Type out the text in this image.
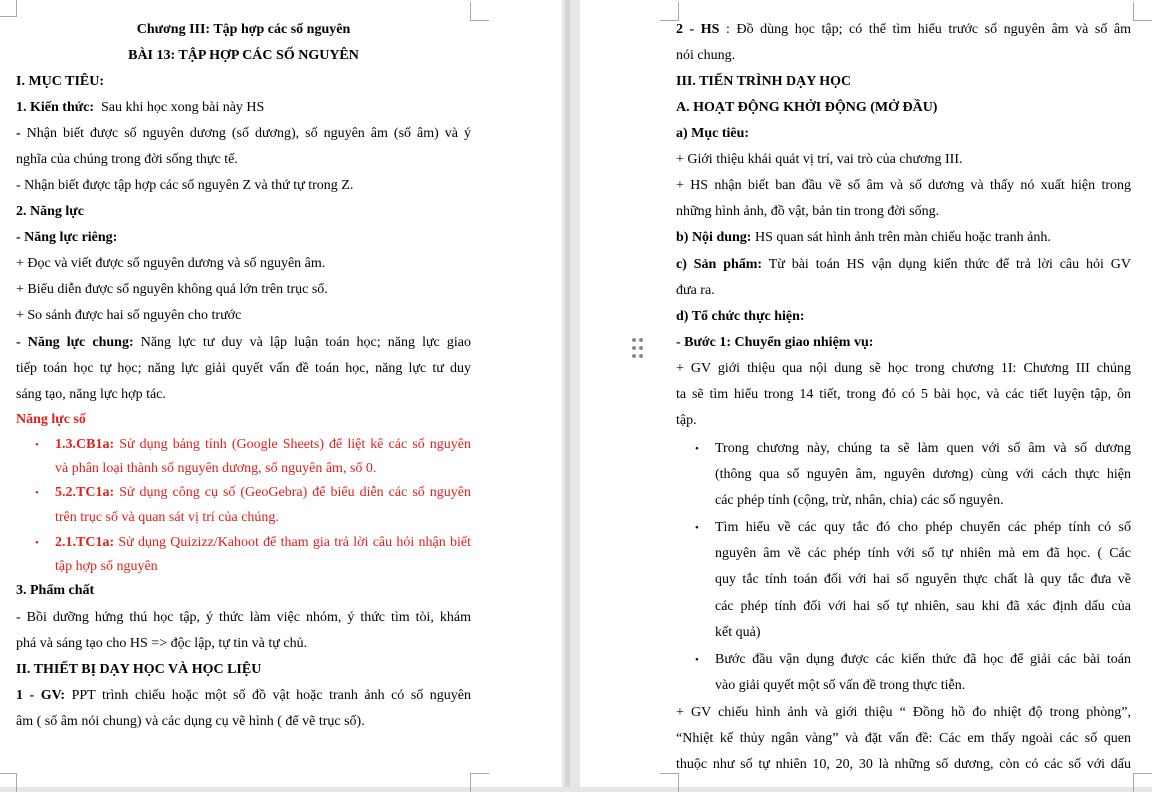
Chương III: Tập hợp các số nguyên
BÀI 13: TẬP HỢP CÁC SỐ NGUYÊN
I. MỤC TIÊU:
1. Kiến thức: Sau khi học xong bài này HS
- Nhận biết được số nguyên dương (số dương), số nguyên âm (số âm) và ý
nghĩa của chúng trong đời sống thực tế.
- Nhận biết được tập hợp các số nguyên Z và thứ tự trong Z.
2. Năng lực
- Năng lực riêng:
+ Đọc và viết được số nguyên dương và số nguyên âm.
+ Biểu diễn được số nguyên không quá lớn trên trục số.
+ So sánh được hai số nguyên cho trước
- Năng lực chung: Năng lực tư duy và lập luận toán học; năng lực giao
tiếp toán học tự học; năng lực giải quyết vấn đề toán học, năng lực tư duy
sáng tạo, năng lực hợp tác.
Năng lực số
• 1.3.CB1a: Sử dụng bảng tính (Google Sheets) để liệt kê các số nguyên
và phân loại thành số nguyên dương, số nguyên âm, số 0.
• 5.2.TC1a: Sử dụng công cụ số (GeoGebra) để biểu diễn các số nguyên
trên trục số và quan sát vị trí của chúng.
• 2.1.TC1a: Sử dụng Quizizz/Kahoot để tham gia trả lời câu hỏi nhận biết
tập hợp số nguyên
3. Phẩm chất
- Bồi dưỡng hứng thú học tập, ý thức làm việc nhóm, ý thức tìm tòi, khám
phá và sáng tạo cho HS => độc lập, tự tin và tự chủ.
II. THIẾT BỊ DẠY HỌC VÀ HỌC LIỆU
1 - GV: PPT trình chiếu hoặc một số đồ vật hoặc tranh ảnh có số nguyên
âm ( số âm nói chung) và các dụng cụ vẽ hình ( để vẽ trục số).
2 - HS : Đồ dùng học tập; có thể tìm hiểu trước số nguyên âm và số âm
nói chung.
III. TIẾN TRÌNH DẠY HỌC
A. HOẠT ĐỘNG KHỞI ĐỘNG (MỞ ĐẦU)
a) Mục tiêu:
+ Giới thiệu khái quát vị trí, vai trò của chương III.
+ HS nhận biết ban đầu về số âm và số dương và thấy nó xuất hiện trong
những hình ảnh, đồ vật, bản tin trong đời sống.
b) Nội dung: HS quan sát hình ảnh trên màn chiếu hoặc tranh ảnh.
c) Sản phẩm: Từ bài toán HS vận dụng kiến thức để trả lời câu hỏi GV
đưa ra.
d) Tổ chức thực hiện:
- Bước 1: Chuyển giao nhiệm vụ:
+ GV giới thiệu qua nội dung sẽ học trong chương 1I: Chương III chúng
ta sẽ tìm hiểu trong 14 tiết, trong đó có 5 bài học, và các tiết luyện tập, ôn
tập.
• Trong chương này, chúng ta sẽ làm quen với số âm và số dương
(thông qua số nguyên âm, nguyên dương) cùng với cách thực hiện
các phép tính (cộng, trừ, nhân, chia) các số nguyên.
• Tìm hiểu về các quy tắc đó cho phép chuyển các phép tính có số
nguyên âm về các phép tính với số tự nhiên mà em đã học. ( Các
quy tắc tính toán đối với hai số nguyên thực chất là quy tắc đưa về
các phép tính đối với hai số tự nhiên, sau khi đã xác định dấu của
kết quả)
• Bước đầu vận dụng được các kiến thức đã học để giải các bài toán
vào giải quyết một số vấn đề trong thực tiễn.
+ GV chiếu hình ảnh và giới thiệu “ Đồng hồ đo nhiệt độ trong phòng”,
“Nhiệt kế thủy ngân vàng” và đặt vấn đề: Các em thấy ngoài các số quen
thuộc như số tự nhiên 10, 20, 30 là những số dương, còn có các số với dấu
